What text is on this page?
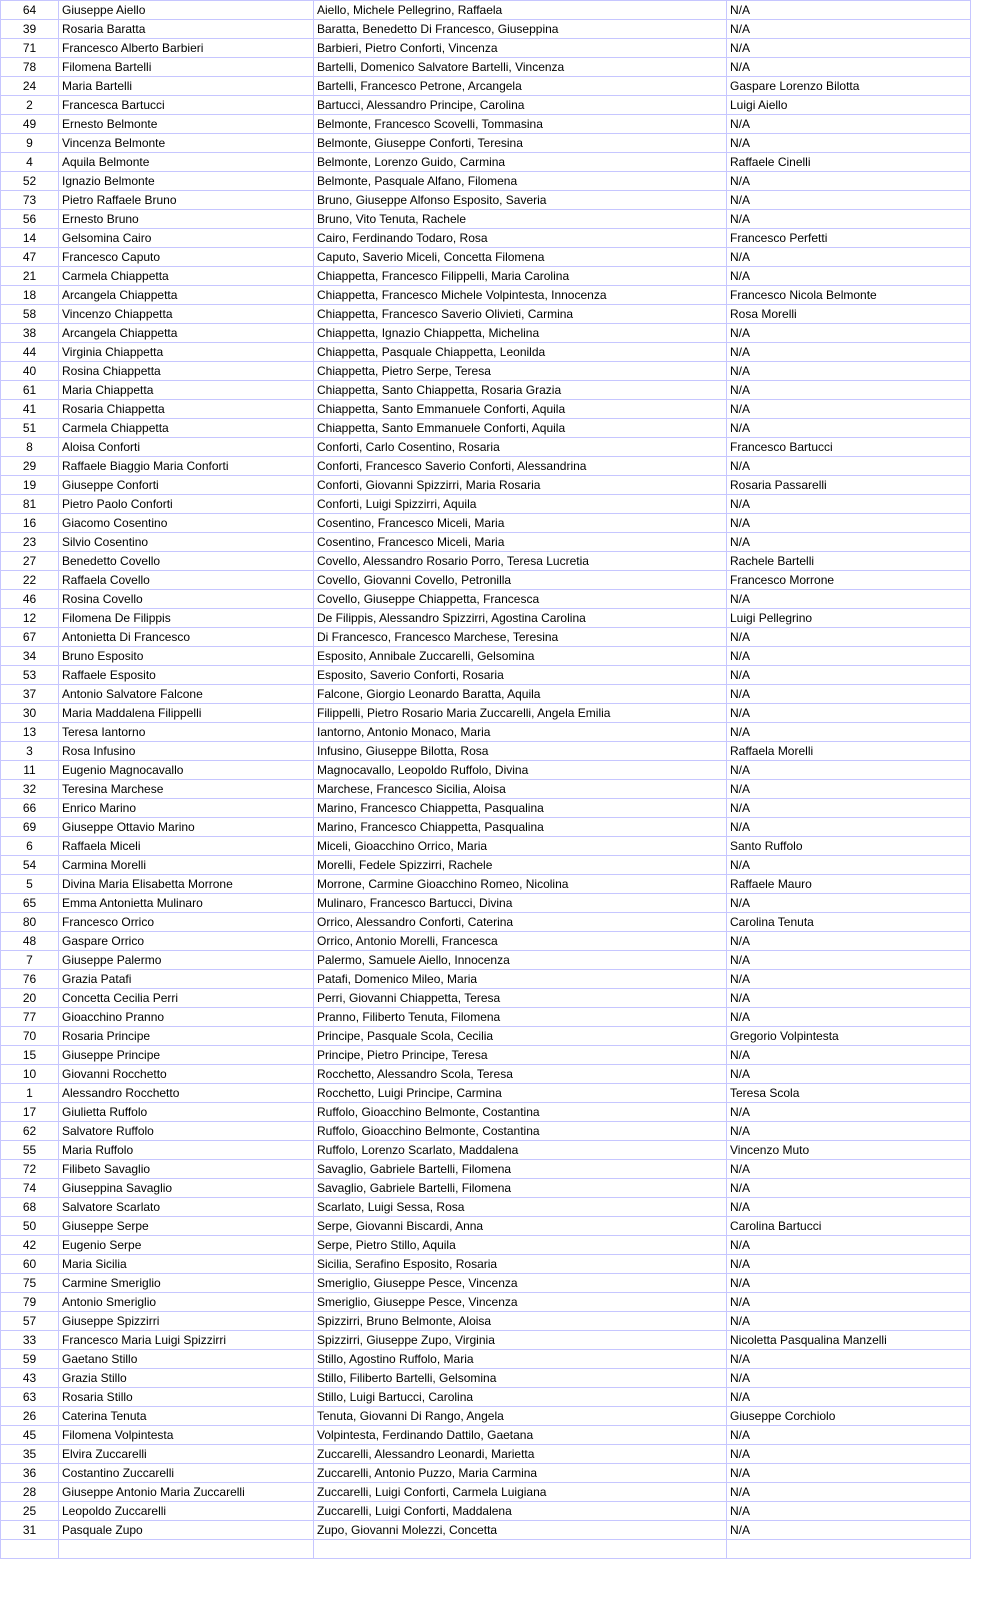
64	Giuseppe Aiello	Aiello, Michele Pellegrino, Raffaela	N/A
39	Rosaria Baratta	Baratta, Benedetto Di Francesco, Giuseppina	N/A
71	Francesco Alberto Barbieri	Barbieri, Pietro Conforti, Vincenza	N/A
78	Filomena Bartelli	Bartelli, Domenico Salvatore Bartelli, Vincenza	N/A
24	Maria Bartelli	Bartelli, Francesco Petrone, Arcangela	Gaspare Lorenzo Bilotta
2	Francesca Bartucci	Bartucci, Alessandro Principe, Carolina	Luigi Aiello
49	Ernesto Belmonte	Belmonte, Francesco Scovelli, Tommasina	N/A
9	Vincenza Belmonte	Belmonte, Giuseppe Conforti, Teresina	N/A
4	Aquila Belmonte	Belmonte, Lorenzo Guido, Carmina	Raffaele Cinelli
52	Ignazio Belmonte	Belmonte, Pasquale Alfano, Filomena	N/A
73	Pietro Raffaele Bruno	Bruno, Giuseppe Alfonso Esposito, Saveria	N/A
56	Ernesto Bruno	Bruno, Vito Tenuta, Rachele	N/A
14	Gelsomina Cairo	Cairo, Ferdinando Todaro, Rosa	Francesco Perfetti
47	Francesco Caputo	Caputo, Saverio Miceli, Concetta Filomena	N/A
21	Carmela Chiappetta	Chiappetta, Francesco Filippelli, Maria Carolina	N/A
18	Arcangela Chiappetta	Chiappetta, Francesco Michele Volpintesta, Innocenza	Francesco Nicola Belmonte
58	Vincenzo Chiappetta	Chiappetta, Francesco Saverio Olivieti, Carmina	Rosa Morelli
38	Arcangela Chiappetta	Chiappetta, Ignazio Chiappetta, Michelina	N/A
44	Virginia Chiappetta	Chiappetta, Pasquale Chiappetta, Leonilda	N/A
40	Rosina Chiappetta	Chiappetta, Pietro Serpe, Teresa	N/A
61	Maria Chiappetta	Chiappetta, Santo Chiappetta, Rosaria Grazia	N/A
41	Rosaria Chiappetta	Chiappetta, Santo Emmanuele Conforti, Aquila	N/A
51	Carmela Chiappetta	Chiappetta, Santo Emmanuele Conforti, Aquila	N/A
8	Aloisa Conforti	Conforti, Carlo Cosentino, Rosaria	Francesco Bartucci
29	Raffaele Biaggio Maria Conforti	Conforti, Francesco Saverio Conforti, Alessandrina	N/A
19	Giuseppe Conforti	Conforti, Giovanni Spizzirri, Maria Rosaria	Rosaria Passarelli
81	Pietro Paolo Conforti	Conforti, Luigi Spizzirri, Aquila	N/A
16	Giacomo Cosentino	Cosentino, Francesco Miceli, Maria	N/A
23	Silvio Cosentino	Cosentino, Francesco Miceli, Maria	N/A
27	Benedetto Covello	Covello, Alessandro Rosario Porro, Teresa Lucretia	Rachele Bartelli
22	Raffaela Covello	Covello, Giovanni Covello, Petronilla	Francesco Morrone
46	Rosina Covello	Covello, Giuseppe Chiappetta, Francesca	N/A
12	Filomena De Filippis	De Filippis, Alessandro Spizzirri, Agostina Carolina	Luigi Pellegrino
67	Antonietta Di Francesco	Di Francesco, Francesco Marchese, Teresina	N/A
34	Bruno Esposito	Esposito, Annibale Zuccarelli, Gelsomina	N/A
53	Raffaele Esposito	Esposito, Saverio Conforti, Rosaria	N/A
37	Antonio Salvatore Falcone	Falcone, Giorgio Leonardo Baratta, Aquila	N/A
30	Maria Maddalena Filippelli	Filippelli, Pietro Rosario Maria Zuccarelli, Angela Emilia	N/A
13	Teresa Iantorno	Iantorno, Antonio Monaco, Maria	N/A
3	Rosa Infusino	Infusino, Giuseppe Bilotta, Rosa	Raffaela Morelli
11	Eugenio Magnocavallo	Magnocavallo, Leopoldo Ruffolo, Divina	N/A
32	Teresina Marchese	Marchese, Francesco Sicilia, Aloisa	N/A
66	Enrico Marino	Marino, Francesco Chiappetta, Pasqualina	N/A
69	Giuseppe Ottavio Marino	Marino, Francesco Chiappetta, Pasqualina	N/A
6	Raffaela Miceli	Miceli, Gioacchino Orrico, Maria	Santo Ruffolo
54	Carmina Morelli	Morelli, Fedele Spizzirri, Rachele	N/A
5	Divina Maria Elisabetta Morrone	Morrone, Carmine Gioacchino Romeo, Nicolina	Raffaele Mauro
65	Emma Antonietta Mulinaro	Mulinaro, Francesco Bartucci, Divina	N/A
80	Francesco Orrico	Orrico, Alessandro Conforti, Caterina	Carolina Tenuta
48	Gaspare Orrico	Orrico, Antonio Morelli, Francesca	N/A
7	Giuseppe Palermo	Palermo, Samuele Aiello, Innocenza	N/A
76	Grazia Patafi	Patafi, Domenico Mileo, Maria	N/A
20	Concetta Cecilia Perri	Perri, Giovanni Chiappetta, Teresa	N/A
77	Gioacchino Pranno	Pranno, Filiberto Tenuta, Filomena	N/A
70	Rosaria Principe	Principe, Pasquale Scola, Cecilia	Gregorio Volpintesta
15	Giuseppe Principe	Principe, Pietro Principe, Teresa	N/A
10	Giovanni Rocchetto	Rocchetto, Alessandro Scola, Teresa	N/A
1	Alessandro Rocchetto	Rocchetto, Luigi Principe, Carmina	Teresa Scola
17	Giulietta Ruffolo	Ruffolo, Gioacchino Belmonte, Costantina	N/A
62	Salvatore Ruffolo	Ruffolo, Gioacchino Belmonte, Costantina	N/A
55	Maria Ruffolo	Ruffolo, Lorenzo Scarlato, Maddalena	Vincenzo Muto
72	Filibeto Savaglio	Savaglio, Gabriele Bartelli, Filomena	N/A
74	Giuseppina Savaglio	Savaglio, Gabriele Bartelli, Filomena	N/A
68	Salvatore Scarlato	Scarlato, Luigi Sessa, Rosa	N/A
50	Giuseppe Serpe	Serpe, Giovanni Biscardi, Anna	Carolina Bartucci
42	Eugenio Serpe	Serpe, Pietro Stillo, Aquila	N/A
60	Maria Sicilia	Sicilia, Serafino Esposito, Rosaria	N/A
75	Carmine Smeriglio	Smeriglio, Giuseppe Pesce, Vincenza	N/A
79	Antonio Smeriglio	Smeriglio, Giuseppe Pesce, Vincenza	N/A
57	Giuseppe Spizzirri	Spizzirri, Bruno Belmonte, Aloisa	N/A
33	Francesco Maria Luigi Spizzirri	Spizzirri, Giuseppe Zupo, Virginia	Nicoletta Pasqualina Manzelli
59	Gaetano Stillo	Stillo, Agostino Ruffolo, Maria	N/A
43	Grazia Stillo	Stillo, Filiberto Bartelli, Gelsomina	N/A
63	Rosaria Stillo	Stillo, Luigi Bartucci, Carolina	N/A
26	Caterina Tenuta	Tenuta, Giovanni Di Rango, Angela	Giuseppe Corchiolo
45	Filomena Volpintesta	Volpintesta, Ferdinando Dattilo, Gaetana	N/A
35	Elvira Zuccarelli	Zuccarelli, Alessandro Leonardi, Marietta	N/A
36	Costantino Zuccarelli	Zuccarelli, Antonio Puzzo, Maria Carmina	N/A
28	Giuseppe Antonio Maria Zuccarelli	Zuccarelli, Luigi Conforti, Carmela Luigiana	N/A
25	Leopoldo Zuccarelli	Zuccarelli, Luigi Conforti, Maddalena	N/A
31	Pasquale Zupo	Zupo, Giovanni Molezzi, Concetta	N/A
